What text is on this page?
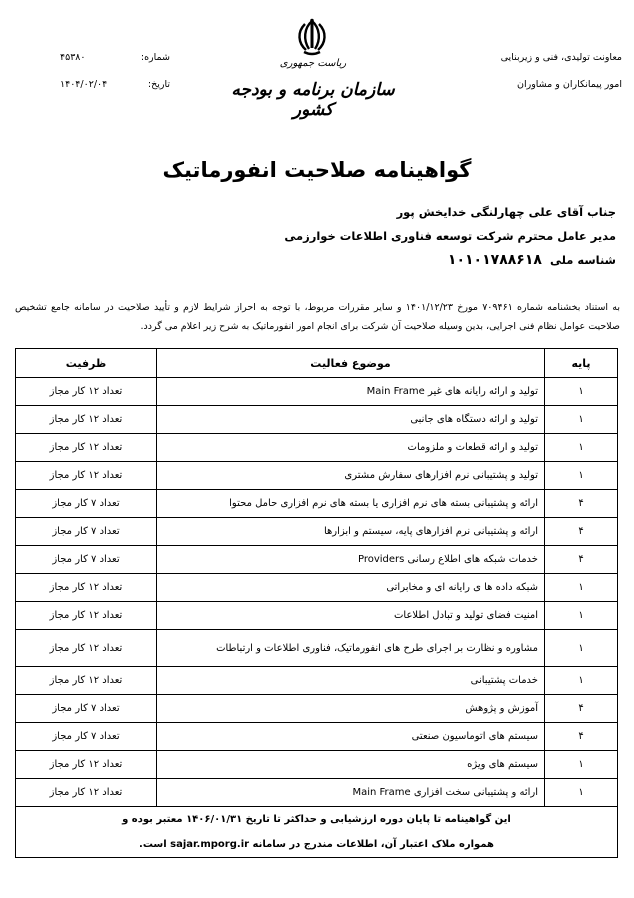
معاونت تولیدی، فنی و زیربنایی
امور پیمانکاران و مشاوران
شماره:
۴۵۳۸۰
تاریخ:
۱۴۰۴/۰۲/۰۴
ریاست جمهوری
سازمان برنامه و بودجه کشور
گواهینامه صلاحیت انفورماتیک
جناب آقای علی چهارلنگی خدایخش پور
مدیر عامل محترم شرکت توسعه فناوری اطلاعات خوارزمی
شناسه ملی ۱۰۱۰۱۷۸۸۶۱۸
به استناد بخشنامه شماره ۷۰۹۴۶۱ مورخ ۱۴۰۱/۱۲/۲۳ و سایر مقررات مربوط، با توجه به احراز شرایط لازم و تأیید صلاحیت در سامانه جامع تشخیص صلاحیت عوامل نظام فنی اجرایی، بدین وسیله صلاحیت آن شرکت برای انجام امور انفورماتیک به شرح زیر اعلام می گردد.
پایه	موضوع فعالیت	ظرفیت
۱	تولید و ارائه رایانه های غیر Main Frame	تعداد ۱۲ کار مجاز
۱	تولید و ارائه دستگاه های جانبی	تعداد ۱۲ کار مجاز
۱	تولید و ارائه قطعات و ملزومات	تعداد ۱۲ کار مجاز
۱	تولید و پشتیبانی نرم افزارهای سفارش مشتری	تعداد ۱۲ کار مجاز
۴	ارائه و پشتیبانی بسته های نرم افزاری یا بسته های نرم افزاری حامل محتوا	تعداد ۷ کار مجاز
۴	ارائه و پشتیبانی نرم افزارهای پایه، سیستم و ابزارها	تعداد ۷ کار مجاز
۴	خدمات شبکه های اطلاع رسانی Providers	تعداد ۷ کار مجاز
۱	شبکه داده ها ی رایانه ای و مخابراتی	تعداد ۱۲ کار مجاز
۱	امنیت فضای تولید و تبادل اطلاعات	تعداد ۱۲ کار مجاز
۱	مشاوره و نظارت بر اجرای طرح های انفورماتیک، فناوری اطلاعات و ارتباطات	تعداد ۱۲ کار مجاز
۱	خدمات پشتیبانی	تعداد ۱۲ کار مجاز
۴	آموزش و پژوهش	تعداد ۷ کار مجاز
۴	سیستم های اتوماسیون صنعتی	تعداد ۷ کار مجاز
۱	سیستم های ویژه	تعداد ۱۲ کار مجاز
۱	ارائه و پشتیبانی سخت افزاری Main Frame	تعداد ۱۲ کار مجاز

این گواهینامه تا پایان دوره ارزشیابی و حداکثر تا تاریخ ۱۴۰۶/۰۱/۳۱ معتبر بوده و
همواره ملاک اعتبار آن، اطلاعات مندرج در سامانه sajar.mporg.ir است.		
